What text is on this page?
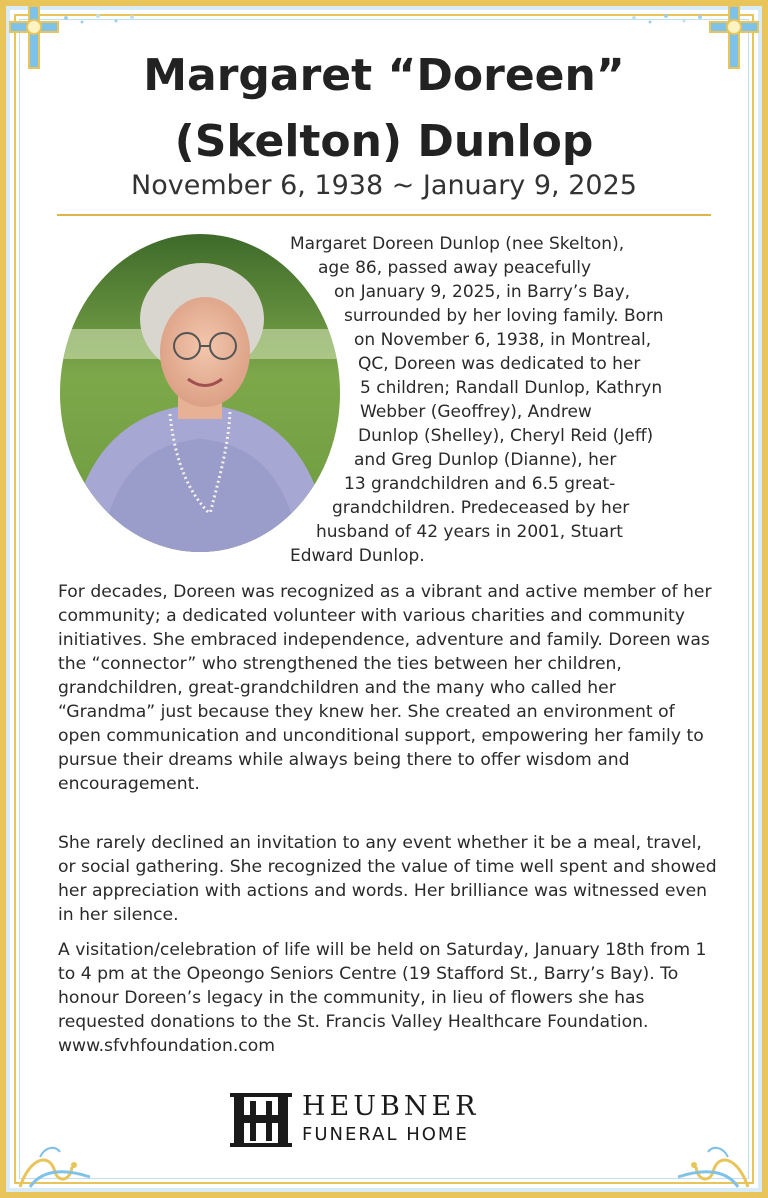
Margaret “Doreen”
(Skelton) Dunlop
November 6, 1938 ~ January 9, 2025
Margaret Doreen Dunlop (nee Skelton),
age 86, passed away peacefully
on January 9, 2025, in Barry’s Bay,
surrounded by her loving family. Born
on November 6, 1938, in Montreal,
QC, Doreen was dedicated to her
5 children; Randall Dunlop, Kathryn
Webber (Geoffrey), Andrew
Dunlop (Shelley), Cheryl Reid (Jeff)
and Greg Dunlop (Dianne), her
13 grandchildren and 6.5 great-
grandchildren. Predeceased by her
husband of 42 years in 2001, Stuart
Edward Dunlop.

For decades, Doreen was recognized as a vibrant and active member of her community; a dedicated volunteer with various charities and community initiatives. She embraced independence, adventure and family. Doreen was the “connector” who strengthened the ties between her children, grandchildren, great-grandchildren and the many who called her “Grandma” just because they knew her. She created an environment of open communication and unconditional support, empowering her family to pursue their dreams while always being there to offer wisdom and encouragement.

She rarely declined an invitation to any event whether it be a meal, travel, or social gathering. She recognized the value of time well spent and showed her appreciation with actions and words. Her brilliance was witnessed even in her silence.

A visitation/celebration of life will be held on Saturday, January 18th from 1 to 4 pm at the Opeongo Seniors Centre (19 Stafford St., Barry’s Bay). To honour Doreen’s legacy in the community, in lieu of flowers she has requested donations to the St. Francis Valley Healthcare Foundation. www.sfvhfoundation.com

HEUBNER
FUNERAL HOME
